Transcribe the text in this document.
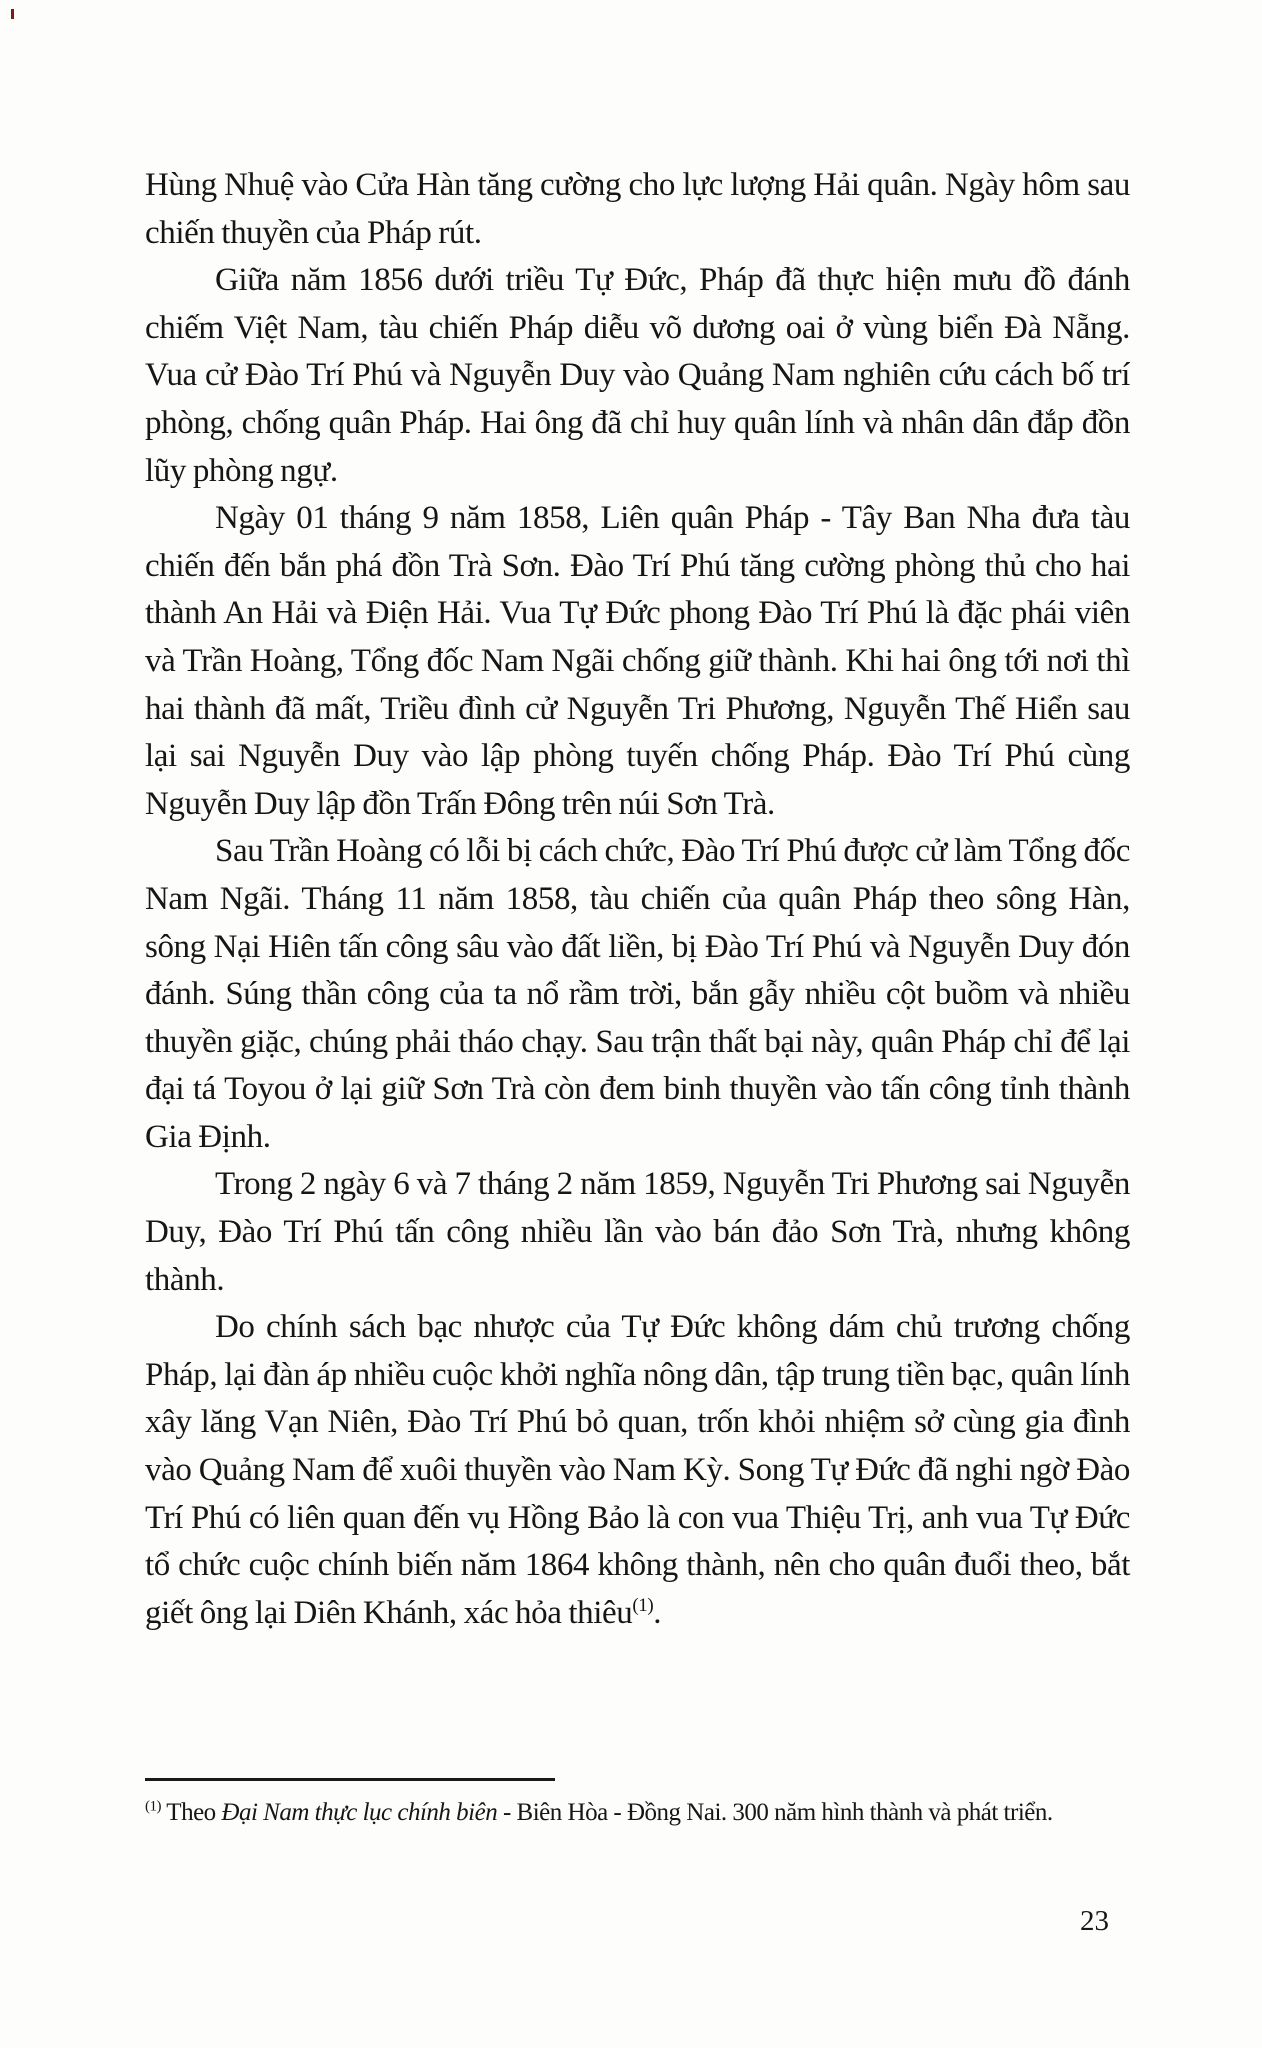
Hùng Nhuệ vào Cửa Hàn tăng cường cho lực lượng Hải quân. Ngày hôm sau chiến thuyền của Pháp rút.

Giữa năm 1856 dưới triều Tự Đức, Pháp đã thực hiện mưu đồ đánh chiếm Việt Nam, tàu chiến Pháp diễu võ dương oai ở vùng biển Đà Nẵng. Vua cử Đào Trí Phú và Nguyễn Duy vào Quảng Nam nghiên cứu cách bố trí phòng, chống quân Pháp. Hai ông đã chỉ huy quân lính và nhân dân đắp đồn lũy phòng ngự.

Ngày 01 tháng 9 năm 1858, Liên quân Pháp - Tây Ban Nha đưa tàu chiến đến bắn phá đồn Trà Sơn. Đào Trí Phú tăng cường phòng thủ cho hai thành An Hải và Điện Hải. Vua Tự Đức phong Đào Trí Phú là đặc phái viên và Trần Hoàng, Tổng đốc Nam Ngãi chống giữ thành. Khi hai ông tới nơi thì hai thành đã mất, Triều đình cử Nguyễn Tri Phương, Nguyễn Thế Hiển sau lại sai Nguyễn Duy vào lập phòng tuyến chống Pháp. Đào Trí Phú cùng Nguyễn Duy lập đồn Trấn Đông trên núi Sơn Trà.

Sau Trần Hoàng có lỗi bị cách chức, Đào Trí Phú được cử làm Tổng đốc Nam Ngãi. Tháng 11 năm 1858, tàu chiến của quân Pháp theo sông Hàn, sông Nại Hiên tấn công sâu vào đất liền, bị Đào Trí Phú và Nguyễn Duy đón đánh. Súng thần công của ta nổ rầm trời, bắn gẫy nhiều cột buồm và nhiều thuyền giặc, chúng phải tháo chạy. Sau trận thất bại này, quân Pháp chỉ để lại đại tá Toyou ở lại giữ Sơn Trà còn đem binh thuyền vào tấn công tỉnh thành Gia Định.

Trong 2 ngày 6 và 7 tháng 2 năm 1859, Nguyễn Tri Phương sai Nguyễn Duy, Đào Trí Phú tấn công nhiều lần vào bán đảo Sơn Trà, nhưng không thành.

Do chính sách bạc nhược của Tự Đức không dám chủ trương chống Pháp, lại đàn áp nhiều cuộc khởi nghĩa nông dân, tập trung tiền bạc, quân lính xây lăng Vạn Niên, Đào Trí Phú bỏ quan, trốn khỏi nhiệm sở cùng gia đình vào Quảng Nam để xuôi thuyền vào Nam Kỳ. Song Tự Đức đã nghi ngờ Đào Trí Phú có liên quan đến vụ Hồng Bảo là con vua Thiệu Trị, anh vua Tự Đức tổ chức cuộc chính biến năm 1864 không thành, nên cho quân đuổi theo, bắt giết ông lại Diên Khánh, xác hỏa thiêu$^{(1)}$.

$^{(1)}$ Theo Đại Nam thực lục chính biên - Biên Hòa - Đồng Nai. 300 năm hình thành và phát triển.

23
